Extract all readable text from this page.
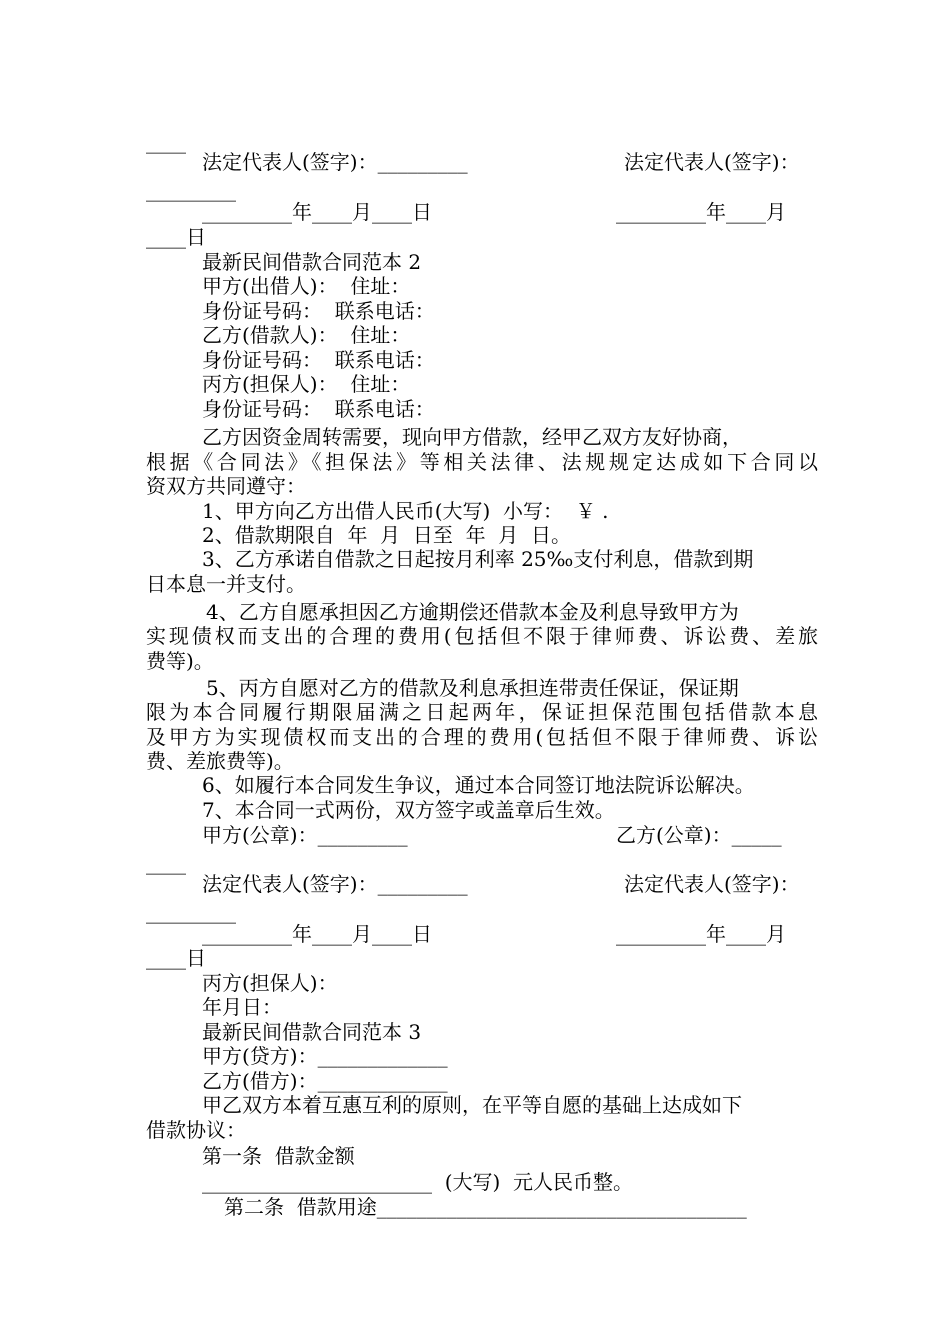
____
法定代表人(签字)：_________	法定代表人(签字)：
_________
_________年____月____日	_________年____月
____日
最新民间借款合同范本 2
甲方(出借人)：  住址：
身份证号码：  联系电话：
乙方(借款人)：  住址：
身份证号码：  联系电话：
丙方(担保人)：  住址：
身份证号码：  联系电话：
乙方因资金周转需要，现向甲方借款，经甲乙双方友好协商，
根据《合同法》《担保法》等相关法律、法规规定达成如下合同以
资双方共同遵守：
1、甲方向乙方出借人民币(大写)  小写：  ￥ .
2、借款期限自  年  月  日至  年  月  日。
3、乙方承诺自借款之日起按月利率 25‰支付利息，借款到期
日本息一并支付。
4、乙方自愿承担因乙方逾期偿还借款本金及利息导致甲方为
实现债权而支出的合理的费用(包括但不限于律师费、诉讼费、差旅
费等)。
5、丙方自愿对乙方的借款及利息承担连带责任保证，保证期
限为本合同履行期限届满之日起两年，保证担保范围包括借款本息
及甲方为实现债权而支出的合理的费用(包括但不限于律师费、诉讼
费、差旅费等)。
6、如履行本合同发生争议，通过本合同签订地法院诉讼解决。
7、本合同一式两份，双方签字或盖章后生效。
甲方(公章)：_________	乙方(公章)：_____
____
法定代表人(签字)：_________	法定代表人(签字)：
_________
_________年____月____日	_________年____月
____日
丙方(担保人)：
年月日：
最新民间借款合同范本 3
甲方(贷方)：_____________
乙方(借方)：_____________
甲乙双方本着互惠互利的原则，在平等自愿的基础上达成如下
借款协议：
第一条  借款金额
_______________________  (大写)  元人民币整。
第二条  借款用途_____________________________________
